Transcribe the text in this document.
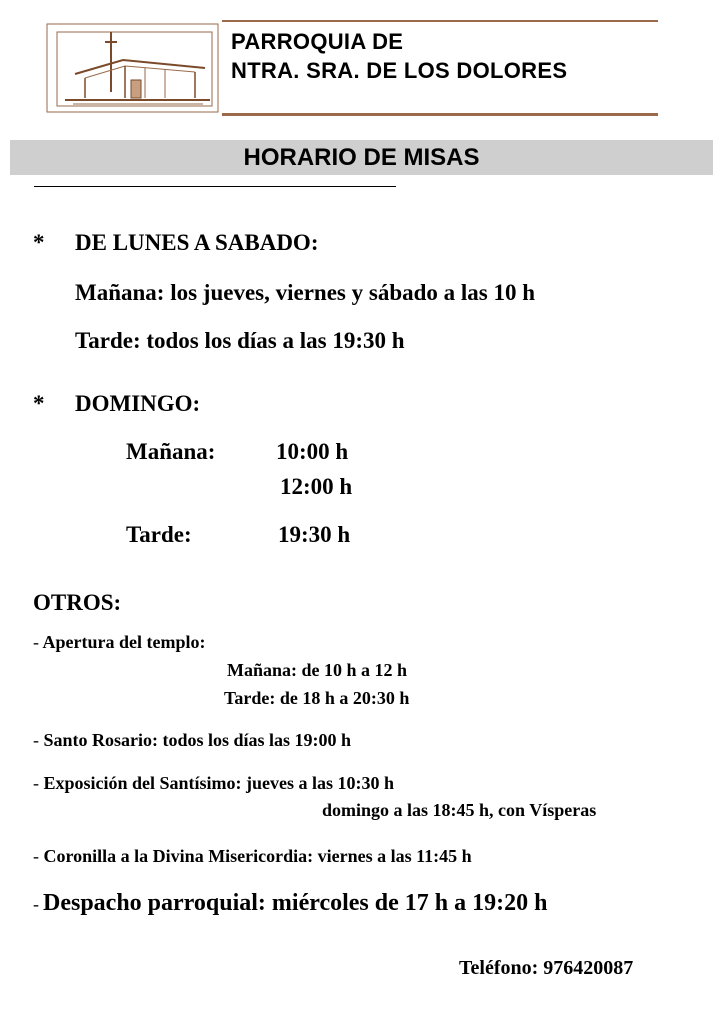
PARROQUIA DE
NTRA. SRA. DE LOS DOLORES
HORARIO DE MISAS
* DE LUNES A SABADO:
Mañana: los jueves, viernes y sábado a las 10 h
Tarde: todos los días a las 19:30 h
* DOMINGO:
Mañana:	10:00 h
12:00 h
Tarde:	19:30 h
OTROS:
- Apertura del templo:
Mañana: de 10 h a 12 h
Tarde: de 18 h a 20:30 h
- Santo Rosario: todos los días las 19:00 h
- Exposición del Santísimo: jueves a las 10:30 h
domingo a las 18:45 h, con Vísperas
- Coronilla a la Divina Misericordia: viernes a las 11:45 h
- Despacho parroquial: miércoles de 17 h a 19:20 h
Teléfono: 976420087
